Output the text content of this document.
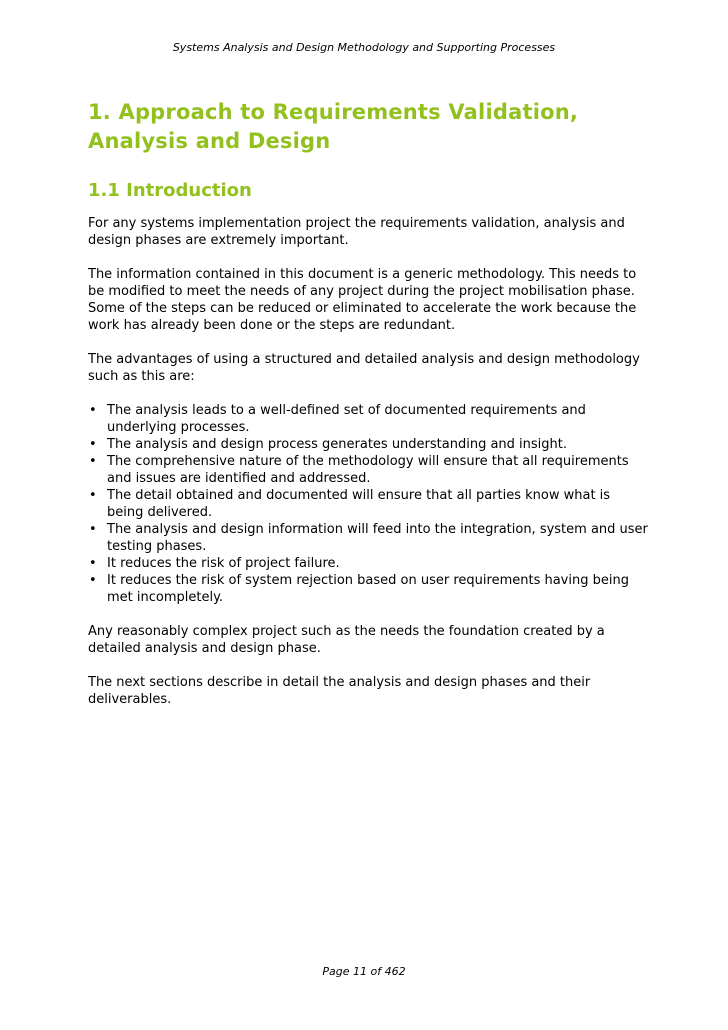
Systems Analysis and Design Methodology and Supporting Processes
1. Approach to Requirements Validation, Analysis and Design
1.1 Introduction

For any systems implementation project the requirements validation, analysis and design phases are extremely important.

The information contained in this document is a generic methodology. This needs to be modified to meet the needs of any project during the project mobilisation phase. Some of the steps can be reduced or eliminated to accelerate the work because the work has already been done or the steps are redundant.

The advantages of using a structured and detailed analysis and design methodology such as this are:

• The analysis leads to a well-defined set of documented requirements and underlying processes.
• The analysis and design process generates understanding and insight.
• The comprehensive nature of the methodology will ensure that all requirements and issues are identified and addressed.
• The detail obtained and documented will ensure that all parties know what is being delivered.
• The analysis and design information will feed into the integration, system and user testing phases.
• It reduces the risk of project failure.
• It reduces the risk of system rejection based on user requirements having being met incompletely.

Any reasonably complex project such as the needs the foundation created by a detailed analysis and design phase.

The next sections describe in detail the analysis and design phases and their deliverables.

Page 11 of 462
